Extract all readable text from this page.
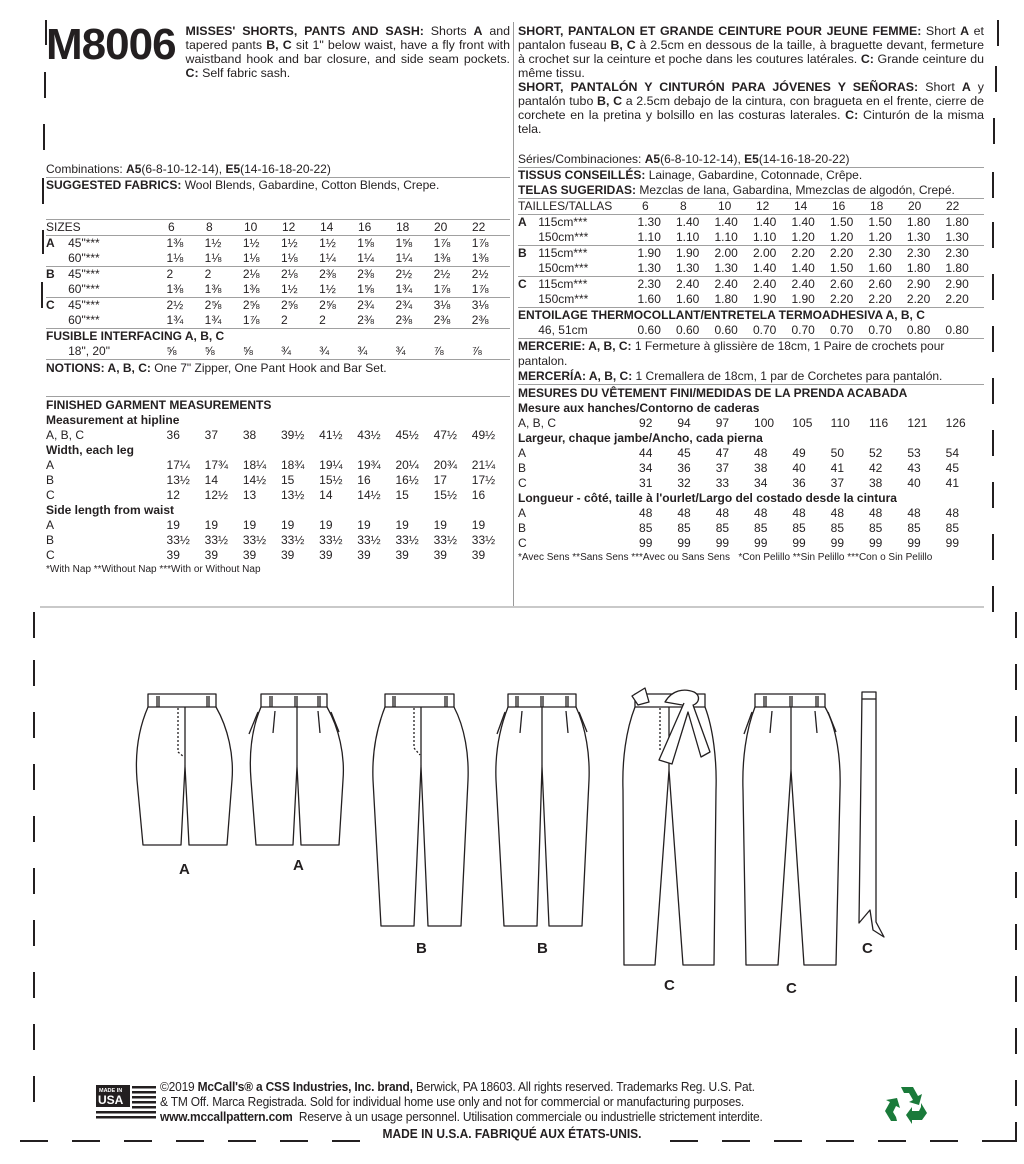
M8006 MISSES' SHORTS, PANTS AND SASH: Shorts A and tapered pants B, C sit 1" below waist, have a fly front with waistband hook and bar closure, and side seam pockets. C: Self fabric sash.
Combinations: A5(6-8-10-12-14), E5(14-16-18-20-22)
SUGGESTED FABRICS: Wool Blends, Gabardine, Cotton Blends, Crepe.
SIZES	6	8	10	12	14	16	18	20	22
A	45"***	1⅜	1½	1½	1½	1½	1⅝	1⅝	1⅞	1⅞
	60"***	1⅛	1⅛	1⅛	1⅛	1¼	1¼	1¼	1⅜	1⅜
B	45"***	2	2	2⅛	2⅛	2⅜	2⅜	2½	2½	2½
	60"***	1⅜	1⅜	1⅜	1½	1½	1⅝	1¾	1⅞	1⅞
C	45"***	2½	2⅝	2⅝	2⅝	2⅝	2¾	2¾	3⅛	3⅛
	60"***	1¾	1¾	1⅞	2	2	2⅜	2⅜	2⅜	2⅜
FUSIBLE INTERFACING A, B, C
	18", 20"	⅝	⅝	⅝	¾	¾	¾	¾	⅞	⅞
NOTIONS: A, B, C: One 7" Zipper, One Pant Hook and Bar Set.
FINISHED GARMENT MEASUREMENTS
Measurement at hipline
A, B, C	36	37	38	39½	41½	43½	45½	47½	49½
Width, each leg
A	17¼	17¾	18¼	18¾	19¼	19¾	20¼	20¾	21¼
B	13½	14	14½	15	15½	16	16½	17	17½
C	12	12½	13	13½	14	14½	15	15½	16
Side length from waist
A	19	19	19	19	19	19	19	19	19
B	33½	33½	33½	33½	33½	33½	33½	33½	33½
C	39	39	39	39	39	39	39	39	39
*With Nap **Without Nap ***With or Without Nap
SHORT, PANTALON ET GRANDE CEINTURE POUR JEUNE FEMME: Short A et pantalon fuseau B, C à 2.5cm en dessous de la taille, à braguette devant, fermeture à crochet sur la ceinture et poche dans les coutures latérales. C: Grande ceinture du même tissu.
SHORT, PANTALÓN Y CINTURÓN PARA JÓVENES Y SEÑORAS: Short A y pantalón tubo B, C a 2.5cm debajo de la cintura, con bragueta en el frente, cierre de corchete en la pretina y bolsillo en las costuras laterales. C: Cinturón de la misma tela.
Séries/Combinaciones: A5(6-8-10-12-14), E5(14-16-18-20-22)
TISSUS CONSEILLÉS: Lainage, Gabardine, Cotonnade, Crêpe.
TELAS SUGERIDAS: Mezclas de lana, Gabardina, Mmezclas de algodón, Crepé.
TAILLES/TALLAS	6	8	10	12	14	16	18	20	22
A	115cm***	1.30	1.40	1.40	1.40	1.40	1.50	1.50	1.80	1.80
	150cm***	1.10	1.10	1.10	1.10	1.20	1.20	1.20	1.30	1.30
B	115cm***	1.90	1.90	2.00	2.00	2.20	2.20	2.30	2.30	2.30
	150cm***	1.30	1.30	1.30	1.40	1.40	1.50	1.60	1.80	1.80
C	115cm***	2.30	2.40	2.40	2.40	2.40	2.60	2.60	2.90	2.90
	150cm***	1.60	1.60	1.80	1.90	1.90	2.20	2.20	2.20	2.20
ENTOILAGE THERMOCOLLANT/ENTRETELA TERMOADHESIVA A, B, C
	46, 51cm	0.60	0.60	0.60	0.70	0.70	0.70	0.70	0.80	0.80
MERCERIE: A, B, C: 1 Fermeture à glissière de 18cm, 1 Paire de crochets pour pantalon.
MERCERÍA: A, B, C: 1 Cremallera de 18cm, 1 par de Corchetes para pantalón.
MESURES DU VÊTEMENT FINI/MEDIDAS DE LA PRENDA ACABADA
Mesure aux hanches/Contorno de caderas
A, B, C	92	94	97	100	105	110	116	121	126
Largeur, chaque jambe/Ancho, cada pierna
A	44	45	47	48	49	50	52	53	54
B	34	36	37	38	40	41	42	43	45
C	31	32	33	34	36	37	38	40	41
Longueur - côté, taille à l'ourlet/Largo del costado desde la cintura
A	48	48	48	48	48	48	48	48	48
B	85	85	85	85	85	85	85	85	85
C	99	99	99	99	99	99	99	99	99
*Avec Sens **Sans Sens ***Avec ou Sans Sens   *Con Pelillo **Sin Pelillo ***Con o Sin Pelillo
A	A
B	B
C	C
C
MADE IN
USA
©2019 McCall's® a CSS Industries, Inc. brand, Berwick, PA 18603. All rights reserved. Trademarks Reg. U.S. Pat.
& TM Off. Marca Registrada. Sold for individual home use only and not for commercial or manufacturing purposes.
www.mccallpattern.com  Reserve à un usage personnel. Utilisation commerciale ou industrielle strictement interdite.
MADE IN U.S.A. FABRIQUÉ AUX ÉTATS-UNIS.
